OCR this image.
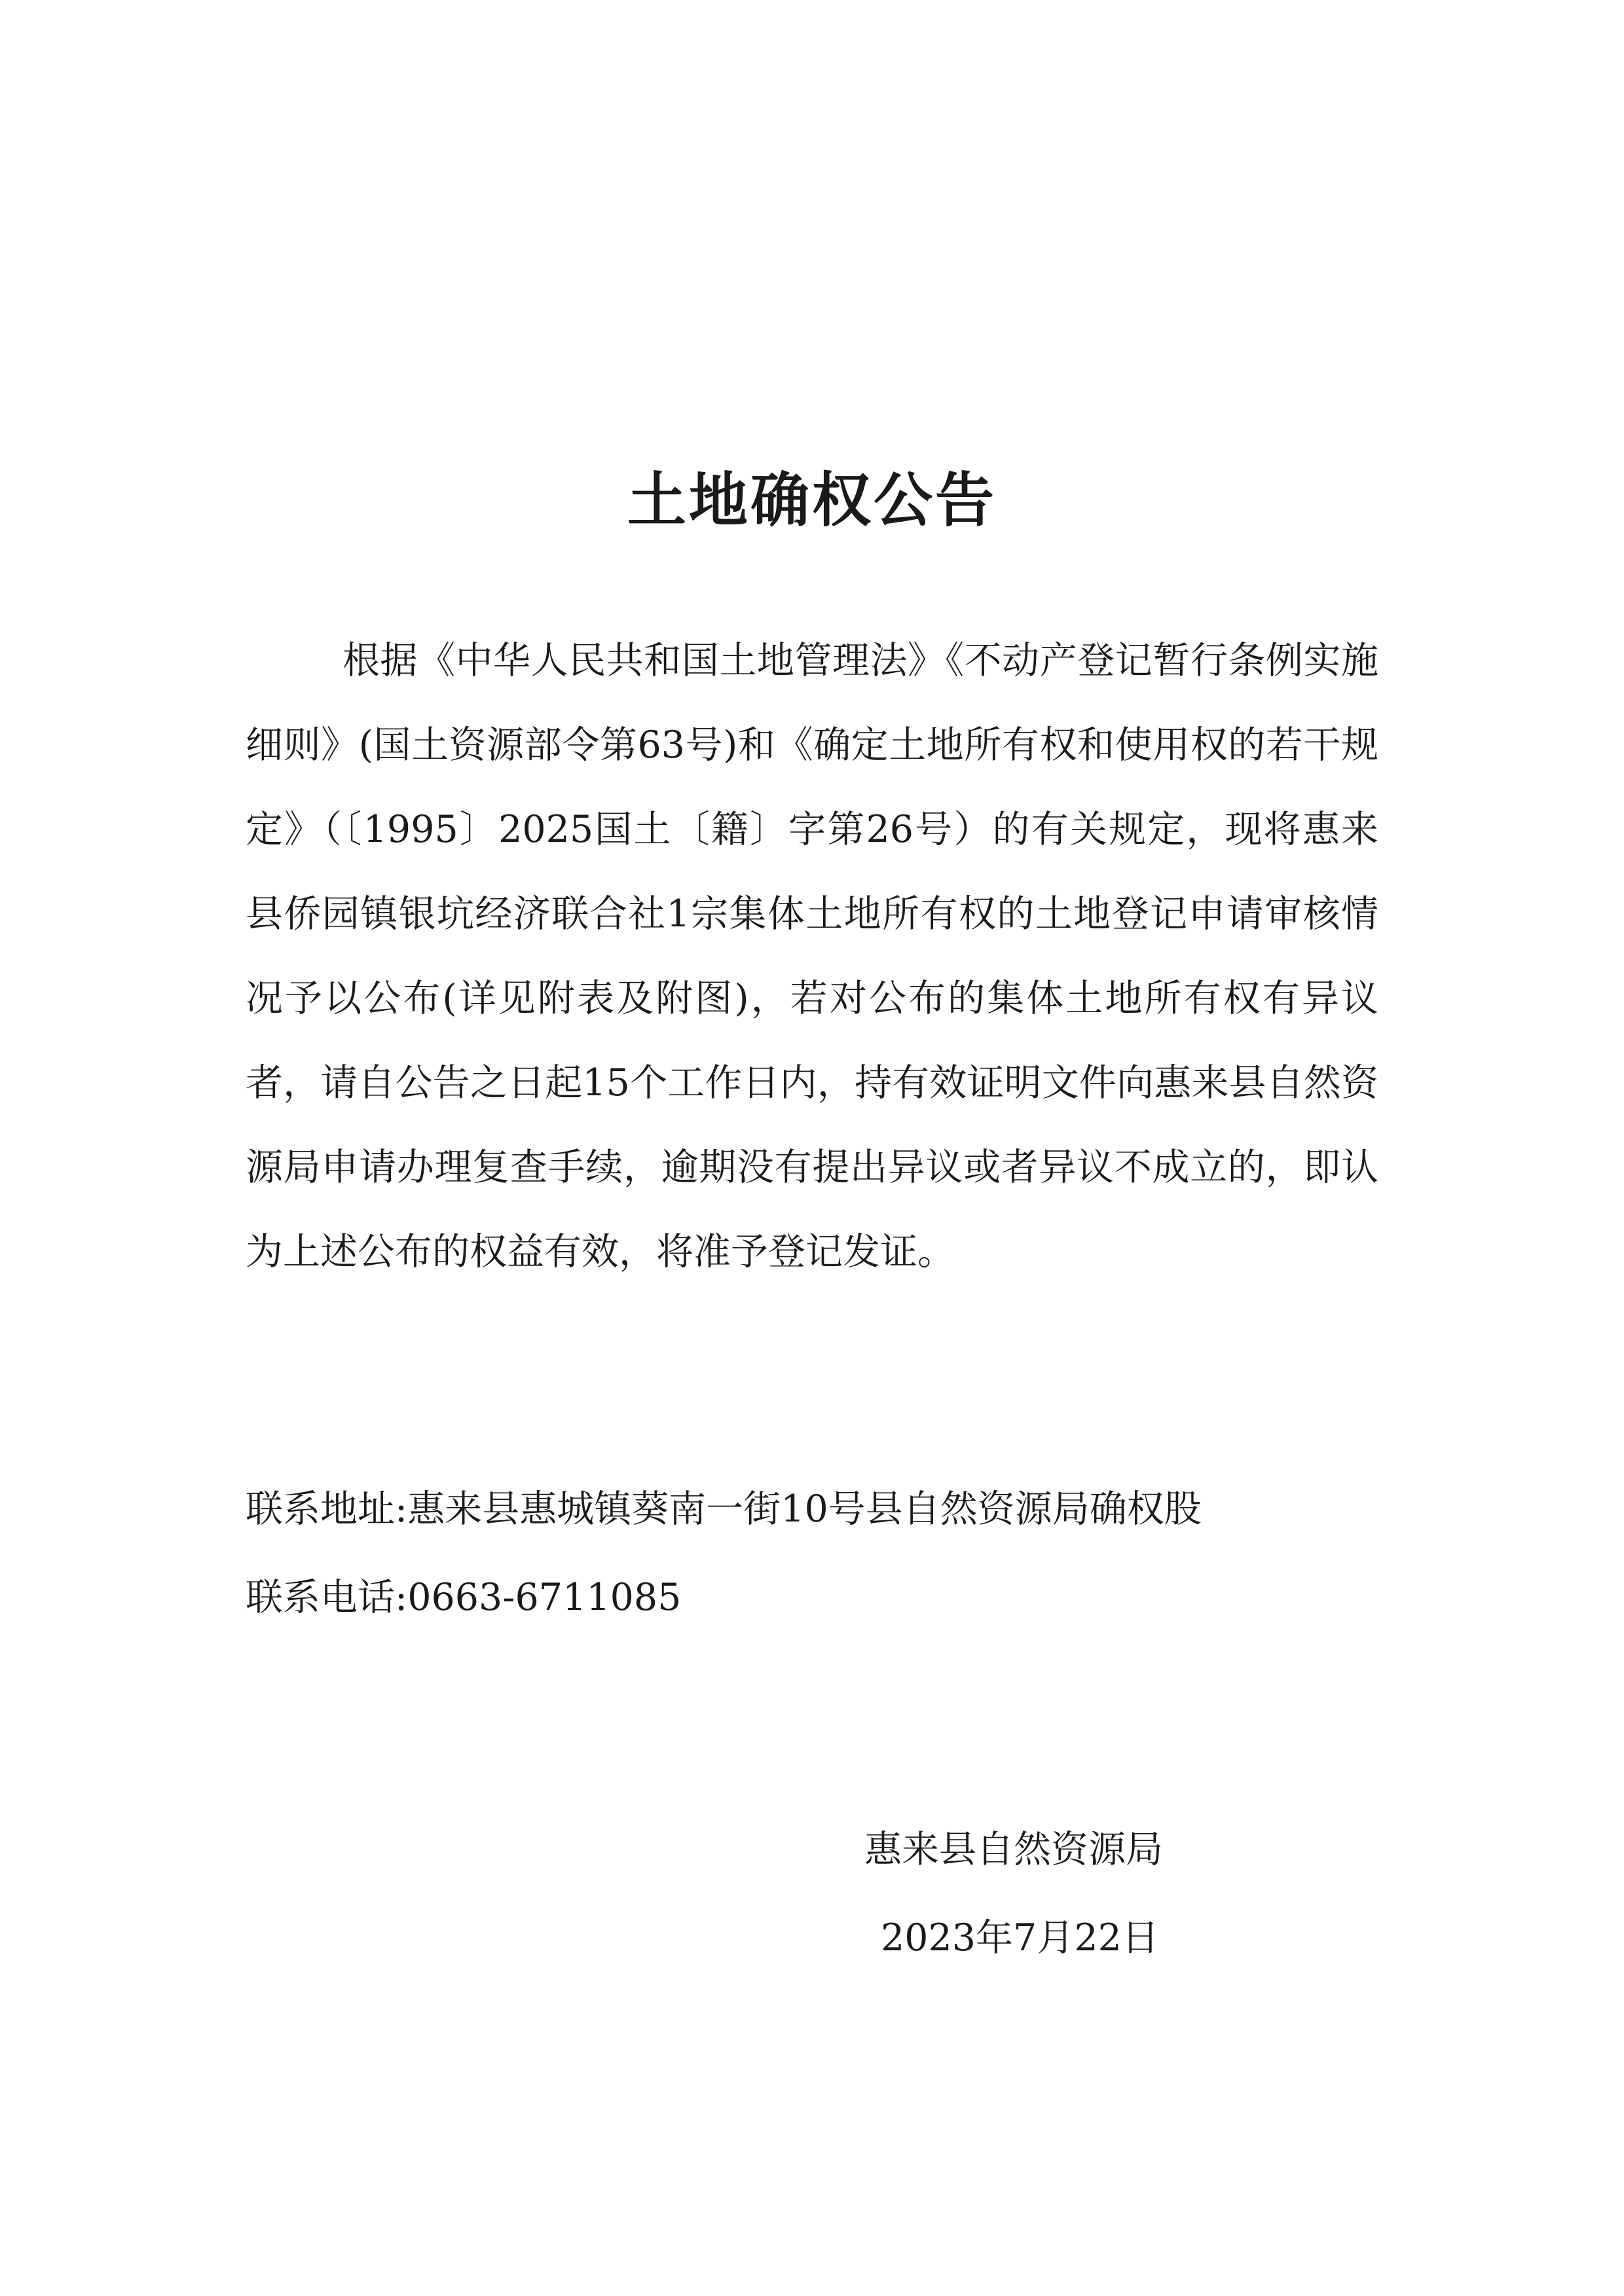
土地确权公告

根据《中华人民共和国土地管理法》《不动产登记暂行条例实施细则》(国土资源部令第63号)和《确定土地所有权和使用权的若干规定》（〔1995〕2025国土〔籍〕字第26号）的有关规定，现将惠来县侨园镇银坑经济联合社1宗集体土地所有权的土地登记申请审核情况予以公布(详见附表及附图)，若对公布的集体土地所有权有异议者，请自公告之日起15个工作日内，持有效证明文件向惠来县自然资源局申请办理复查手续，逾期没有提出异议或者异议不成立的，即认为上述公布的权益有效，将准予登记发证。

联系地址:惠来县惠城镇葵南一街10号县自然资源局确权股

联系电话:0663-6711085

惠来县自然资源局

2023年7月22日
